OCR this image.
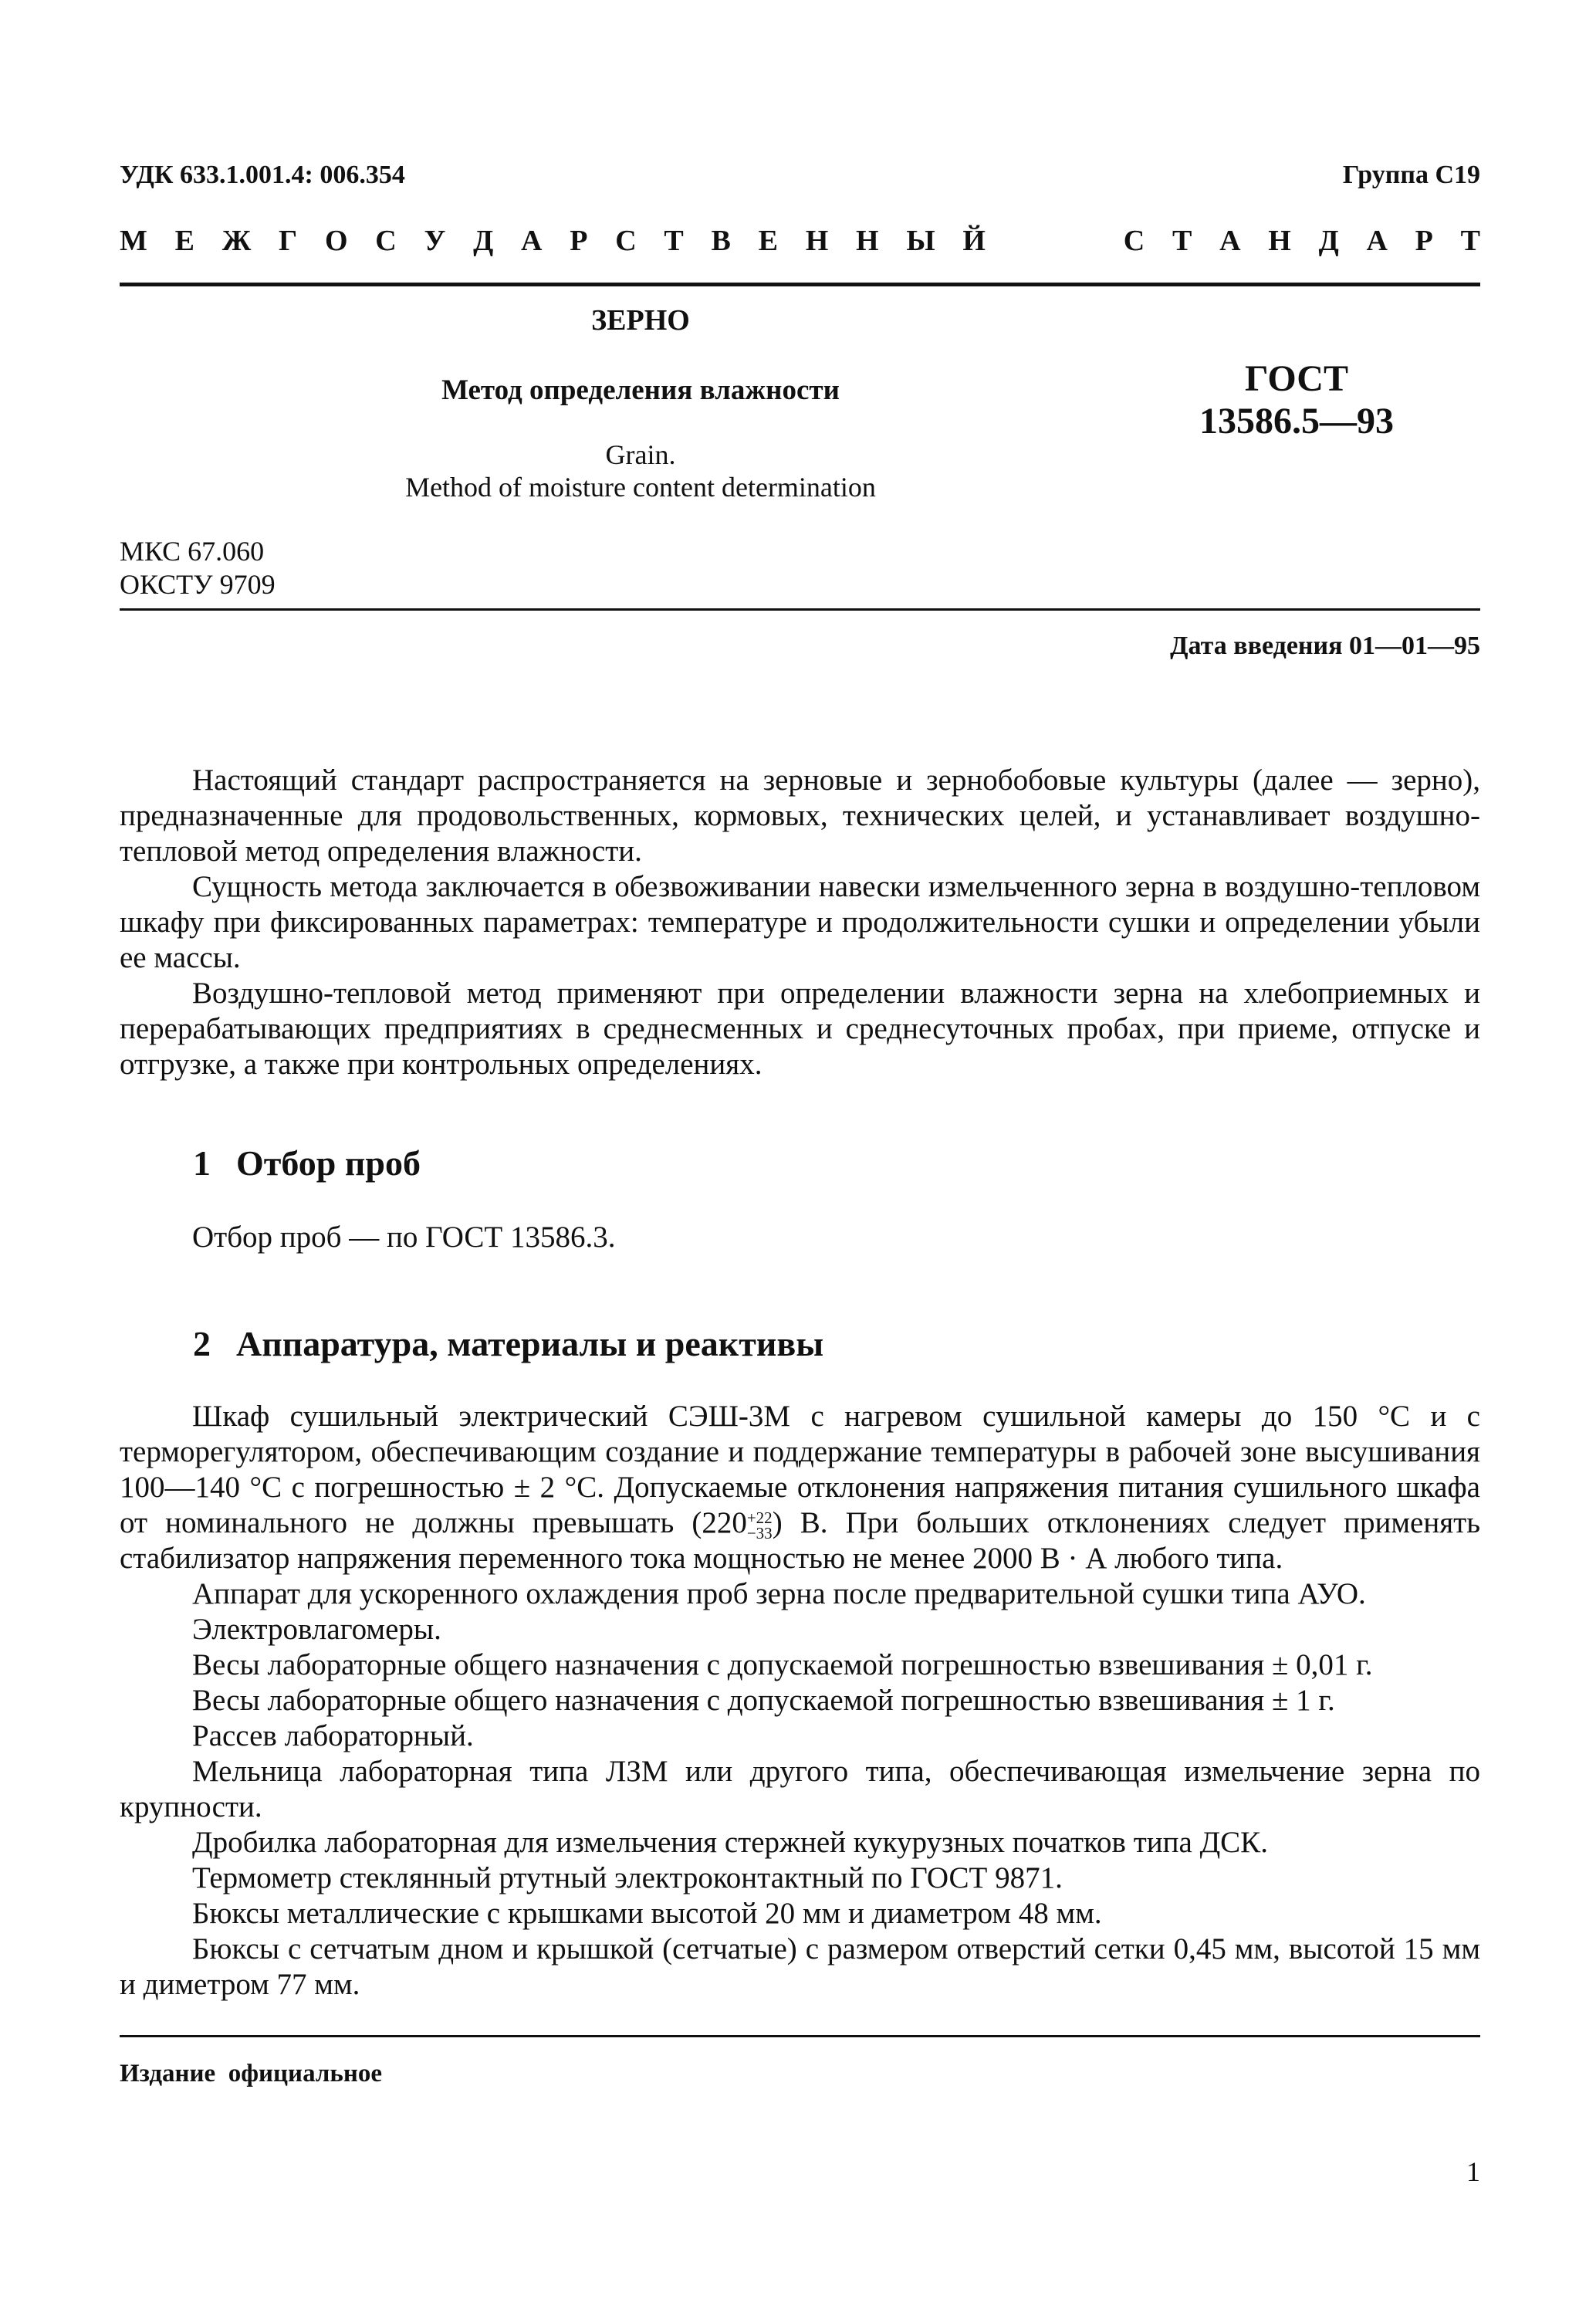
УДК 633.1.001.4: 006.354	Группа С19
М Е Ж Г О С У Д А Р С Т В Е Н Н Ы Й     С Т А Н Д А Р Т
ЗЕРНО
Метод определения влажности
Grain.
Method of moisture content determination
ГОСТ
13586.5—93
МКС 67.060
ОКСТУ 9709
Дата введения 01—01—95
Настоящий стандарт распространяется на зерновые и зернобобовые культуры (далее — зерно), предназначенные для продовольственных, кормовых, технических целей, и устанавливает воздушно-тепловой метод определения влажности.
Сущность метода заключается в обезвоживании навески измельченного зерна в воздушно-тепловом шкафу при фиксированных параметрах: температуре и продолжительности сушки и определении убыли ее массы.
Воздушно-тепловой метод применяют при определении влажности зерна на хлебоприемных и перерабатывающих предприятиях в среднесменных и среднесуточных пробах, при приеме, отпуске и отгрузке, а также при контрольных определениях.
1 Отбор проб
Отбор проб — по ГОСТ 13586.3.
2 Аппаратура, материалы и реактивы
Шкаф сушильный электрический СЭШ-3М с нагревом сушильной камеры до 150 °С и с терморегулятором, обеспечивающим создание и поддержание температуры в рабочей зоне высушивания 100—140 °С с погрешностью ± 2 °С. Допускаемые отклонения напряжения питания сушильного шкафа от номинального не должны превышать (220 +22
−33 ) В. При больших отклонениях следует применять стабилизатор напряжения переменного тока мощностью не менее 2000 В · А любого типа.
Аппарат для ускоренного охлаждения проб зерна после предварительной сушки типа АУО.
Электровлагомеры.
Весы лабораторные общего назначения с допускаемой погрешностью взвешивания ± 0,01 г.
Весы лабораторные общего назначения с допускаемой погрешностью взвешивания ± 1 г.
Рассев лабораторный.
Мельница лабораторная типа ЛЗМ или другого типа, обеспечивающая измельчение зерна по крупности.
Дробилка лабораторная для измельчения стержней кукурузных початков типа ДСК.
Термометр стеклянный ртутный электроконтактный по ГОСТ 9871.
Бюксы металлические с крышками высотой 20 мм и диаметром 48 мм.
Бюксы с сетчатым дном и крышкой (сетчатые) с размером отверстий сетки 0,45 мм, высотой 15 мм и диметром 77 мм.
Издание  официальное
1
